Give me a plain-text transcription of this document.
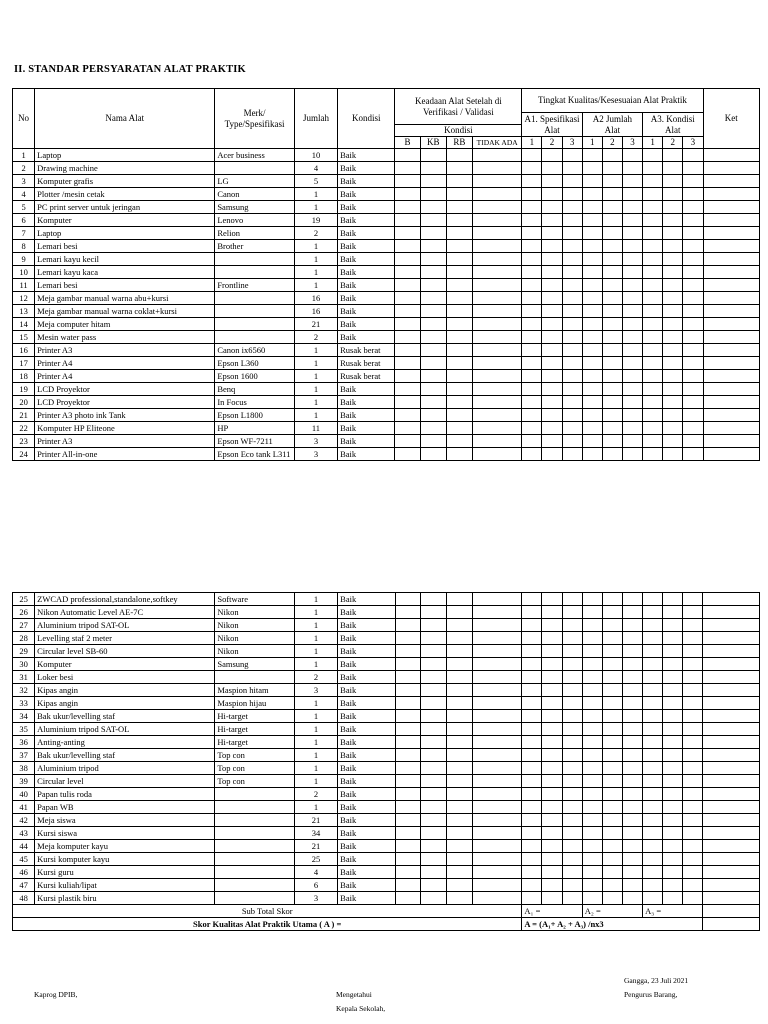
II. STANDAR PERSYARATAN ALAT PRAKTIK
No	Nama Alat	Merk/ Type/Spesifikasi	Jumlah	Kondisi	Keadaan Alat Setelah di Verifikasi / Validasi				Tingkat Kualitas/Kesesuaian Alat Praktik									Ket
									A1. Spesifikasi Alat			A2 Jumlah Alat			A3. Kondisi Alat			
					Kondisi													
					B	KB	RB	TIDAK ADA	1	2	3	1	2	3	1	2	3	
1	Laptop	Acer business	10	Baik														
2	Drawing machine		4	Baik														
3	Komputer grafis	LG	5	Baik														
4	Plotter /mesin cetak	Canon	1	Baik														
5	PC print server untuk jeringan	Samsung	1	Baik														
6	Komputer	Lenovo	19	Baik														
7	Laptop	Relion	2	Baik														
8	Lemari besi	Brother	1	Baik														
9	Lemari kayu kecil		1	Baik														
10	Lemari kayu kaca		1	Baik														
11	Lemari besi	Frontline	1	Baik														
12	Meja gambar manual warna abu+kursi		16	Baik														
13	Meja gambar manual warna coklat+kursi		16	Baik														
14	Meja computer hitam		21	Baik														
15	Mesin water pass		2	Baik														
16	Printer A3	Canon ix6560	1	Rusak berat														
17	Printer A4	Epson L360	1	Rusak berat														
18	Printer A4	Epson 1600	1	Rusak berat														
19	LCD Proyektor	Benq	1	Baik														
20	LCD Proyektor	In Focus	1	Baik														
21	Printer A3 photo ink Tank	Epson L1800	1	Baik														
22	Komputer HP Eliteone	HP	11	Baik														
23	Printer A3	Epson WF-7211	3	Baik														
24	Printer All-in-one	Epson Eco tank L311	3	Baik														
25	ZWCAD professional,standalone,softkey	Software	1	Baik														
26	Nikon Automatic Level AE-7C	Nikon	1	Baik														
27	Aluminium tripod SAT-OL	Nikon	1	Baik														
28	Levelling staf 2 meter	Nikon	1	Baik														
29	Circular level SB-60	Nikon	1	Baik														
30	Komputer	Samsung	1	Baik														
31	Loker besi		2	Baik														
32	Kipas angin	Maspion hitam	3	Baik														
33	Kipas angin	Maspion hijau	1	Baik														
34	Bak ukur/levelling staf	Hi-target	1	Baik														
35	Aluminium tripod SAT-OL	Hi-target	1	Baik														
36	Anting-anting	Hi-target	1	Baik														
37	Bak ukur/levelling staf	Top con	1	Baik														
38	Aluminium tripod	Top con	1	Baik														
39	Circular level	Top con	1	Baik														
40	Papan tulis roda		2	Baik														
41	Papan WB		1	Baik														
42	Meja siswa		21	Baik														
43	Kursi siswa		34	Baik														
44	Meja komputer kayu		21	Baik														
45	Kursi komputer kayu		25	Baik														
46	Kursi guru		4	Baik														
47	Kursi kuliah/lipat		6	Baik														
48	Kursi plastik biru		3	Baik														
Sub Total Skor									A₁ =			A₂ =			A₃ =			
Skor Kualitas Alat Praktik Utama ( A ) =									A = (A₁+ A₂ + A₃) /nx3									
Gangga, 23 Juli 2021
Kaprog DPIB,	Mengetahui
Kepala Sekolah,
Pengurus Barang,
